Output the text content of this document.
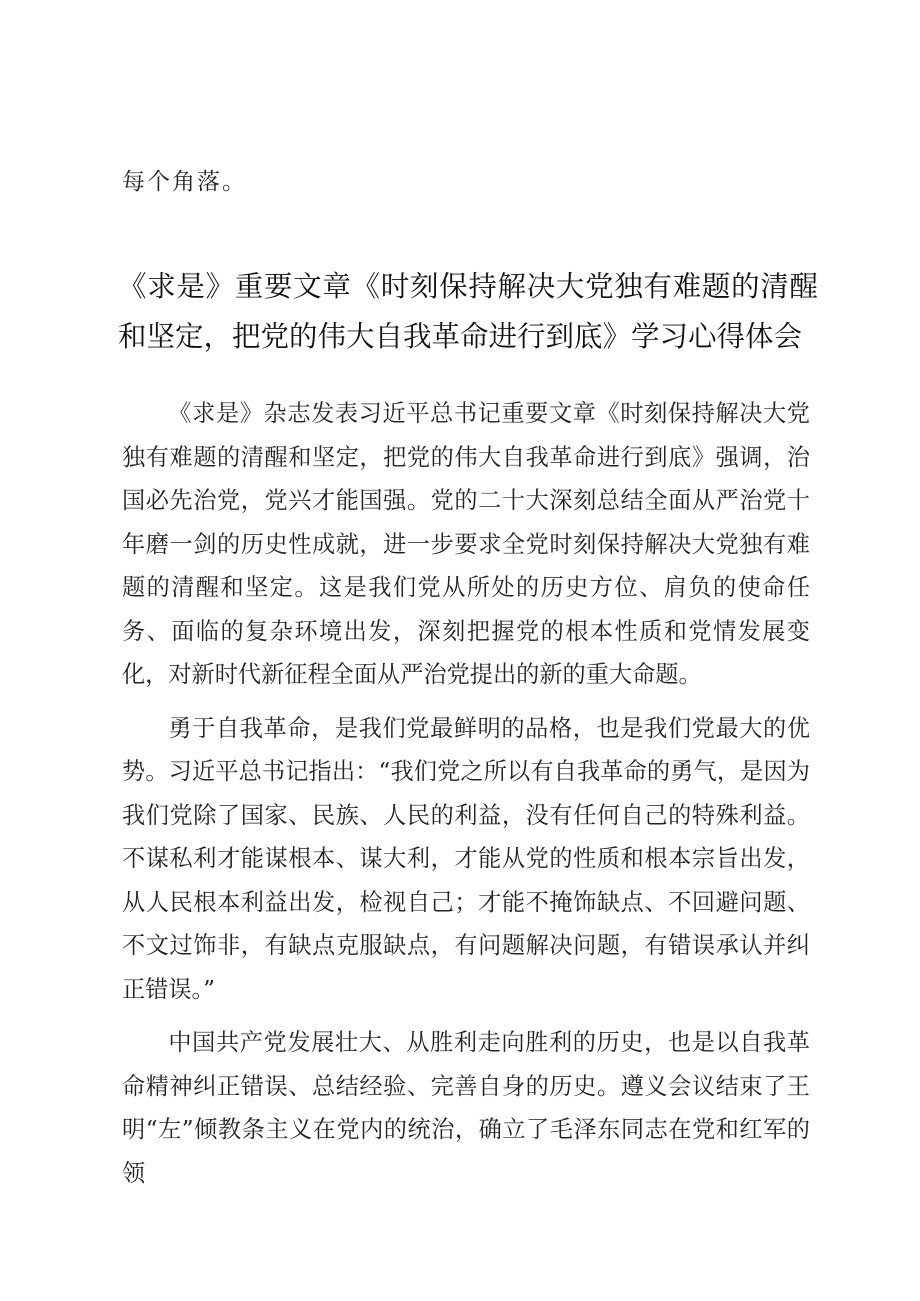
每个角落。

《求是》重要文章《时刻保持解决大党独有难题的清醒和坚定，把党的伟大自我革命进行到底》学习心得体会

《求是》杂志发表习近平总书记重要文章《时刻保持解决大党独有难题的清醒和坚定，把党的伟大自我革命进行到底》强调，治国必先治党，党兴才能国强。党的二十大深刻总结全面从严治党十年磨一剑的历史性成就，进一步要求全党时刻保持解决大党独有难题的清醒和坚定。这是我们党从所处的历史方位、肩负的使命任务、面临的复杂环境出发，深刻把握党的根本性质和党情发展变化，对新时代新征程全面从严治党提出的新的重大命题。

勇于自我革命，是我们党最鲜明的品格，也是我们党最大的优势。习近平总书记指出：“我们党之所以有自我革命的勇气，是因为我们党除了国家、民族、人民的利益，没有任何自己的特殊利益。不谋私利才能谋根本、谋大利，才能从党的性质和根本宗旨出发，从人民根本利益出发，检视自己；才能不掩饰缺点、不回避问题、不文过饰非，有缺点克服缺点，有问题解决问题，有错误承认并纠正错误。”

中国共产党发展壮大、从胜利走向胜利的历史，也是以自我革命精神纠正错误、总结经验、完善自身的历史。遵义会议结束了王明“左”倾教条主义在党内的统治，确立了毛泽东同志在党和红军的领
